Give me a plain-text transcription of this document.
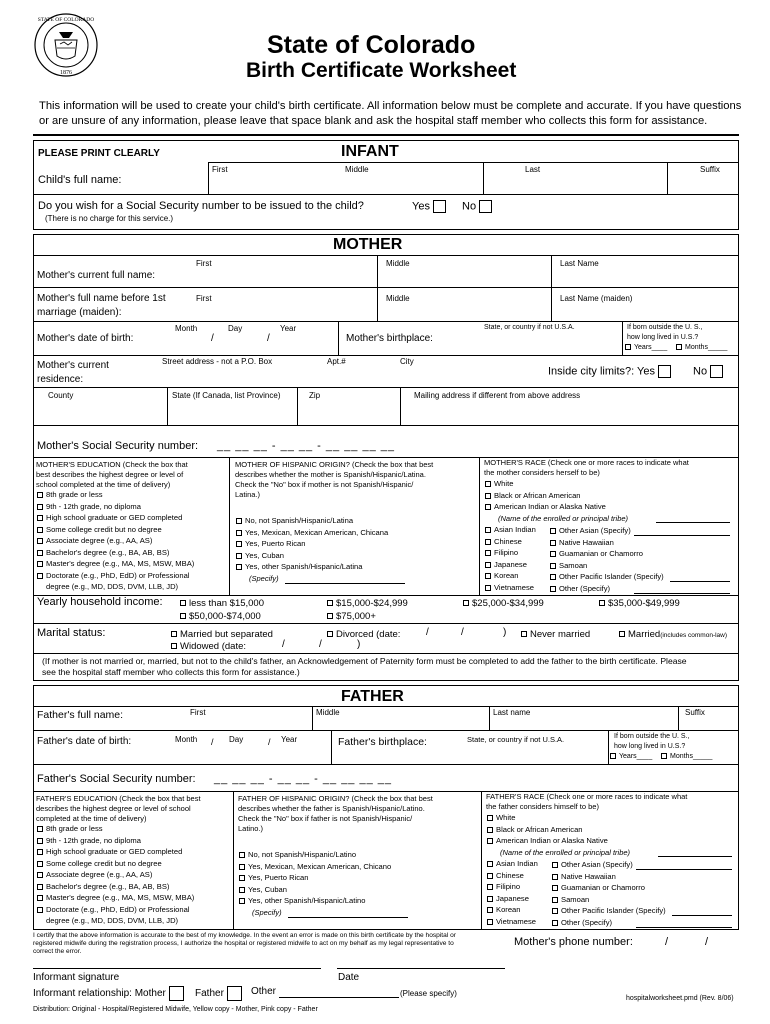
STATE OF COLORADO
1876
State of Colorado
Birth Certificate Worksheet
This information will be used to create your child's birth certificate. All information below must be complete and accurate. If you have questions
or are unsure of any information, please leave that space blank and ask the hospital staff member who collects this form for assistance.
PLEASE PRINT CLEARLY	INFANT
First	Middle	Last	Suffix
Child's full name:
Do you wish for a Social Security number to be issued to the child?
(There is no charge for this service.)
Yes	No
MOTHER
First	Middle	Last Name
Mother's current full name:
First	Middle	Last Name (maiden)
Mother's full name before 1st
marriage (maiden):
Month	Day	Year
Mother's date of birth:	/	/	Mother's birthplace:
State, or country if not U.S.A.	If born outside the U. S.,
how long lived in U.S.?
Years____	Months_____
Street address - not a P.O. Box	Apt.#	City
Mother's current
residence:
Inside city limits?: Yes	No
County	State (If Canada, list Province)	Zip	Mailing address if different from above address
Mother's Social Security number: __ __ __ - __ __ - __ __ __ __
MOTHER'S EDUCATION (Check the box that
best describes the highest degree or level of
school completed at the time of delivery)
8th grade or less
9th - 12th grade, no diploma
High school graduate or GED completed
Some college credit but no degree
Associate degree (e.g., AA, AS)
Bachelor's degree (e.g., BA, AB, BS)
Master's degree (e.g., MA, MS, MSW, MBA)
Doctorate (e.g., PhD, EdD) or Professional
degree (e.g., MD, DDS, DVM, LLB, JD)
MOTHER OF HISPANIC ORIGIN? (Check the box that best
describes whether the mother is Spanish/Hispanic/Latina.
Check the "No" box if mother is not Spanish/Hispanic/
Latina.)
No, not Spanish/Hispanic/Latina
Yes, Mexican, Mexican American, Chicana
Yes, Puerto Rican
Yes, Cuban
Yes, other Spanish/Hispanic/Latina
(Specify)
MOTHER'S RACE (Check one or more races to indicate what
the mother considers herself to be)
White
Black or African American
American Indian or Alaska Native
(Name of the enrolled or principal tribe)
Asian Indian
Chinese
Filipino
Japanese
Korean
Vietnamese
Other Asian (Specify)
Native Hawaiian
Guamanian or Chamorro
Samoan
Other Pacific Islander (Specify)
Other (Specify)
Yearly household income:	less than $15,000	$15,000-$24,999	$25,000-$34,999	$35,000-$49,999
$50,000-$74,000	$75,000+
Marital status:	Married but separated	Divorced (date:	/	/	)	Never married	Married(includes common-law)
Widowed (date:	/	/	)
(If mother is not married or, married, but not to the child's father, an Acknowledgement of Paternity form must be completed to add the father to the birth certificate. Please
see the hospital staff member who collects this form for assistance.)
FATHER
First	Middle	Last name	Suffix
Father's full name:
Month / Day	/ Year
Father's date of birth:	Father's birthplace:	State, or country if not U.S.A.	If born outside the U. S.,
how long lived in U.S.?
Years____	Months_____
Father's Social Security number: __ __ __ - __ __ - __ __ __ __
FATHER'S EDUCATION (Check the box that best
describes the highest degree or level of school
completed at the time of delivery)
8th grade or less
9th - 12th grade, no diploma
High school graduate or GED completed
Some college credit but no degree
Associate degree (e.g., AA, AS)
Bachelor's degree (e.g., BA, AB, BS)
Master's degree (e.g., MA, MS, MSW, MBA)
Doctorate (e.g., PhD, EdD) or Professional
degree (e.g., MD, DDS, DVM, LLB, JD)
FATHER OF HISPANIC ORIGIN? (Check the box that best
describes whether the father is Spanish/Hispanic/Latino.
Check the "No" box if father is not Spanish/Hispanic/
Latino.)
No, not Spanish/Hispanic/Latino
Yes, Mexican, Mexican American, Chicano
Yes, Puerto Rican
Yes, Cuban
Yes, other Spanish/Hispanic/Latino
(Specify)
FATHER'S RACE (Check one or more races to indicate what
the father considers himself to be)
White
Black or African American
American Indian or Alaska Native
(Name of the enrolled or principal tribe)
Asian Indian
Chinese
Filipino
Japanese
Korean
Vietnamese
Other Asian (Specify)
Native Hawaiian
Guamanian or Chamorro
Samoan
Other Pacific Islander (Specify)
Other (Specify)
I certify that the above information is accurate to the best of my knowledge. In the event an error is made on this birth certificate by the hospital or
registered midwife during the registration process, I authorize the hospital or registered midwife to act on my behalf as my legal representative to
correct the error.
Mother's phone number:	/	/
Informant signature	Date
Informant relationship: Mother	Father	Other	(Please specify)
hospitalworksheet.pmd (Rev. 8/06)
Distribution: Original - Hospital/Registered Midwife, Yellow copy - Mother, Pink copy - Father
